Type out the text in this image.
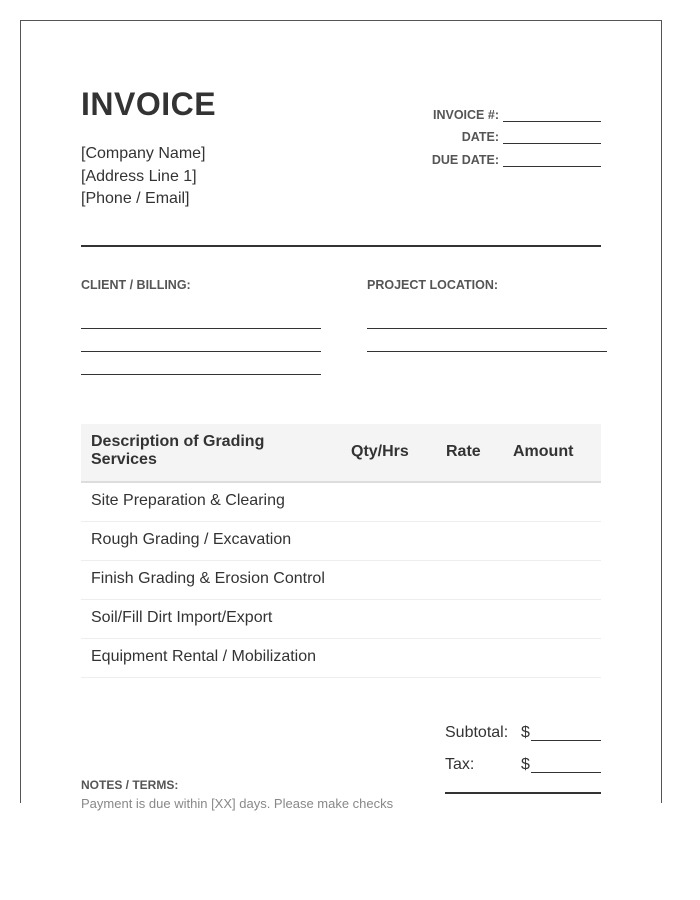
INVOICE
[Company Name]
[Address Line 1]
[Phone / Email]
INVOICE #:
DATE:
DUE DATE:
CLIENT / BILLING:	PROJECT LOCATION:
Description of Grading Services	Qty/Hrs Rate Amount
Site Preparation & Clearing
Rough Grading / Excavation
Finish Grading & Erosion Control
Soil/Fill Dirt Import/Export
Equipment Rental / Mobilization
Subtotal: $
Tax:	$
NOTES / TERMS:
Payment is due within [XX] days. Please make checks
